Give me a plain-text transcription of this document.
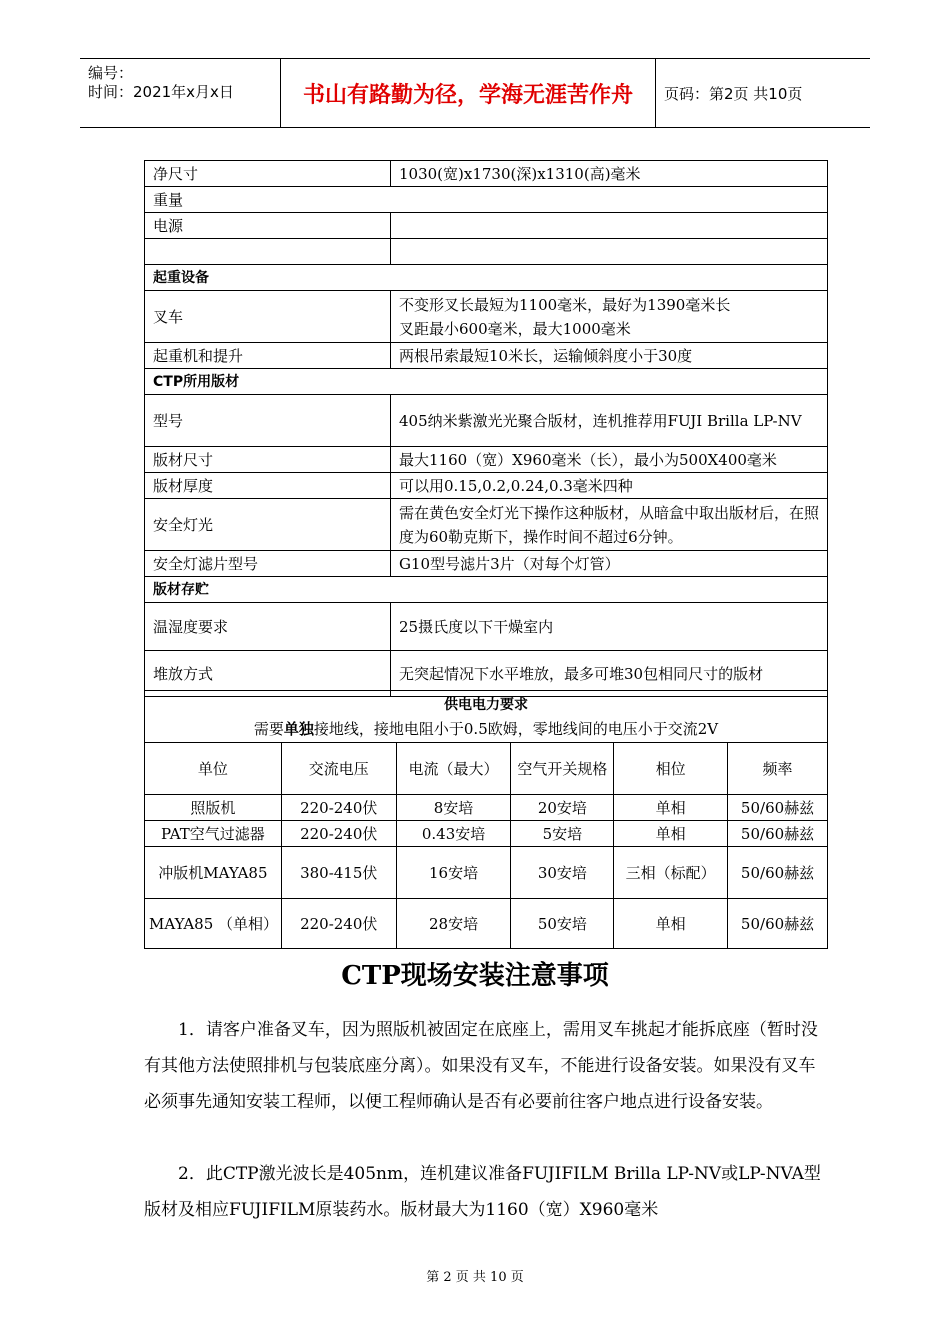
编号：
时间：2021年x月x日	书山有路勤为径，学海无涯苦作舟	页码：第2页 共10页
净尺寸	1030(宽)x1730(深)x1310(高)毫米
重量	
电源	

起重设备	
叉车	不变形叉长最短为1100毫米，最好为1390毫米长
叉距最小600毫米，最大1000毫米

起重机和提升	两根吊索最短10米长，运输倾斜度小于30度
CTP所用版材	
型号	405纳米紫激光光聚合版材，连机推荐用FUJI Brilla LP-NV
版材尺寸	最大1160（宽）X960毫米（长），最小为500X400毫米
版材厚度	可以用0.15,0.2,0.24,0.3毫米四种
安全灯光	需在黄色安全灯光下操作这种版材，从暗盒中取出版材后，在照度为60勒克斯下，操作时间不超过6分钟。
安全灯滤片型号	G10型号滤片3片（对每个灯管）
版材存贮	
温湿度要求	25摄氏度以下干燥室内
堆放方式	无突起情况下水平堆放，最多可堆30包相同尺寸的版材
供电电力要求
需要单独接地线，接地电阻小于0.5欧姆，零地线间的电压小于交流2V					

单位	交流电压	电流（最大）	空气开关规格	相位	频率
照版机	220-240伏	8安培	20安培	单相	50/60赫兹
PAT空气过滤器	220-240伏	0.43安培	5安培	单相	50/60赫兹
冲版机MAYA85	380-415伏	16安培	30安培	三相（标配）	50/60赫兹
MAYA85 （单相）	220-240伏	28安培	50安培	单相	50/60赫兹
CTP现场安装注意事项

1．请客户准备叉车，因为照版机被固定在底座上，需用叉车挑起才能拆底座（暂时没有其他方法使照排机与包装底座分离）。如果没有叉车，不能进行设备安装。如果没有叉车必须事先通知安装工程师，以便工程师确认是否有必要前往客户地点进行设备安装。

2．此CTP激光波长是405nm，连机建议准备FUJIFILM Brilla LP-NV或LP-NVA型版材及相应FUJIFILM原装药水。版材最大为1160（宽）X960毫米

第 2 页 共 10 页
